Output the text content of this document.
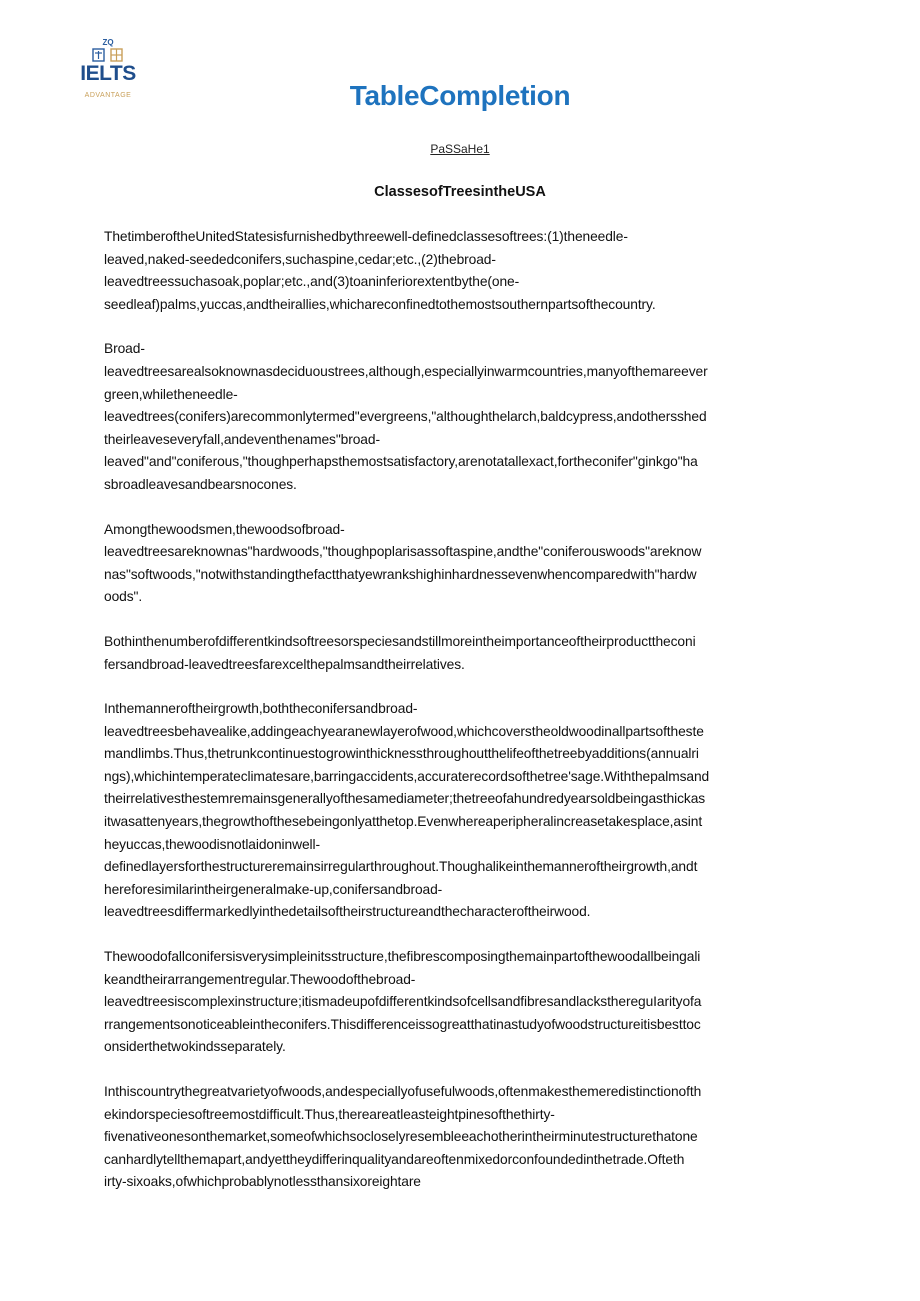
ZQ
IELTS
ADVANTAGE	TableCompletion
PaSSaHe1
ClassesofTreesintheUSA
ThetimberoftheUnitedStatesisfurnishedbythreewell-definedclassesoftrees:(1)theneedle-
leaved,naked-seededconifers,suchaspine,cedar;etc.,(2)thebroad-
leavedtreessuchasoak,poplar;etc.,and(3)toaninferiorextentbythe(one-
seedleaf)palms,yuccas,andtheirallies,whichareconfinedtothemostsouthernpartsofthecountry.
Broad-
leavedtreesarealsoknownasdeciduoustrees,although,especiallyinwarmcountries,manyofthemareever
green,whiletheneedle-
leavedtrees(conifers)arecommonlytermed"evergreens,"althoughthelarch,baldcypress,andothersshed
theirleaveseveryfall,andeventhenames"broad-
leaved"and"coniferous,"thoughperhapsthemostsatisfactory,arenotatallexact,fortheconifer"ginkgo"ha
sbroadleavesandbearsnocones.
Amongthewoodsmen,thewoodsofbroad-
leavedtreesareknownas"hardwoods,"thoughpoplarisassoftaspine,andthe"coniferouswoods"areknow
nas"softwoods,"notwithstandingthefactthatyewrankshighinhardnessevenwhencomparedwith"hardw
oods".
Bothinthenumberofdifferentkindsoftreesorspeciesandstillmoreintheimportanceoftheirproducttheconi
fersandbroad-leavedtreesfarexcelthepalmsandtheirrelatives.
Inthemanneroftheirgrowth,boththeconifersandbroad-
leavedtreesbehavealike,addingeachyearanewlayerofwood,whichcoverstheoldwoodinallpartsoftheste
mandlimbs.Thus,thetrunkcontinuestogrowinthicknessthroughoutthelifeofthetreebyadditions(annualri
ngs),whichintemperateclimatesare,barringaccidents,accuraterecordsofthetree'sage.Withthepalmsand
theirrelativesthestemremainsgenerallyofthesamediameter;thetreeofahundredyearsoldbeingasthickas
itwasattenyears,thegrowthofthesebeingonlyatthetop.Evenwhereaperipheralincreasetakesplace,asint
heyuccas,thewoodisnotlaidoninwell-
definedlayersforthestructureremainsirregularthroughout.Thoughalikeinthemanneroftheirgrowth,andt
hereforesimilarintheirgeneralmake-up,conifersandbroad-
leavedtreesdiffermarkedlyinthedetailsoftheirstructureandthecharacteroftheirwood.
Thewoodofallconifersisverysimpleinitsstructure,thefibrescomposingthemainpartofthewoodallbeingali
keandtheirarrangementregular.Thewoodofthebroad-
leavedtreesiscomplexinstructure;itismadeupofdifferentkindsofcellsandfibresandlacksthereguIarityofa
rrangementsonoticeableintheconifers.Thisdifferenceissogreatthatinastudyofwoodstructureitisbesttoc
onsiderthetwokindsseparately.
Inthiscountrythegreatvarietyofwoods,andespeciallyofusefulwoods,oftenmakesthemeredistinctionofth
ekindorspeciesoftreemostdifficult.Thus,thereareatleasteightpinesofthethirty-
fivenativeonesonthemarket,someofwhichsocloselyresembleeachotherintheirminutestructurethatone
canhardlytellthemapart,andyettheydifferinqualityandareoftenmixedorconfoundedinthetrade.Ofteth
irty-sixoaks,ofwhichprobablynotlessthansixoreightare
